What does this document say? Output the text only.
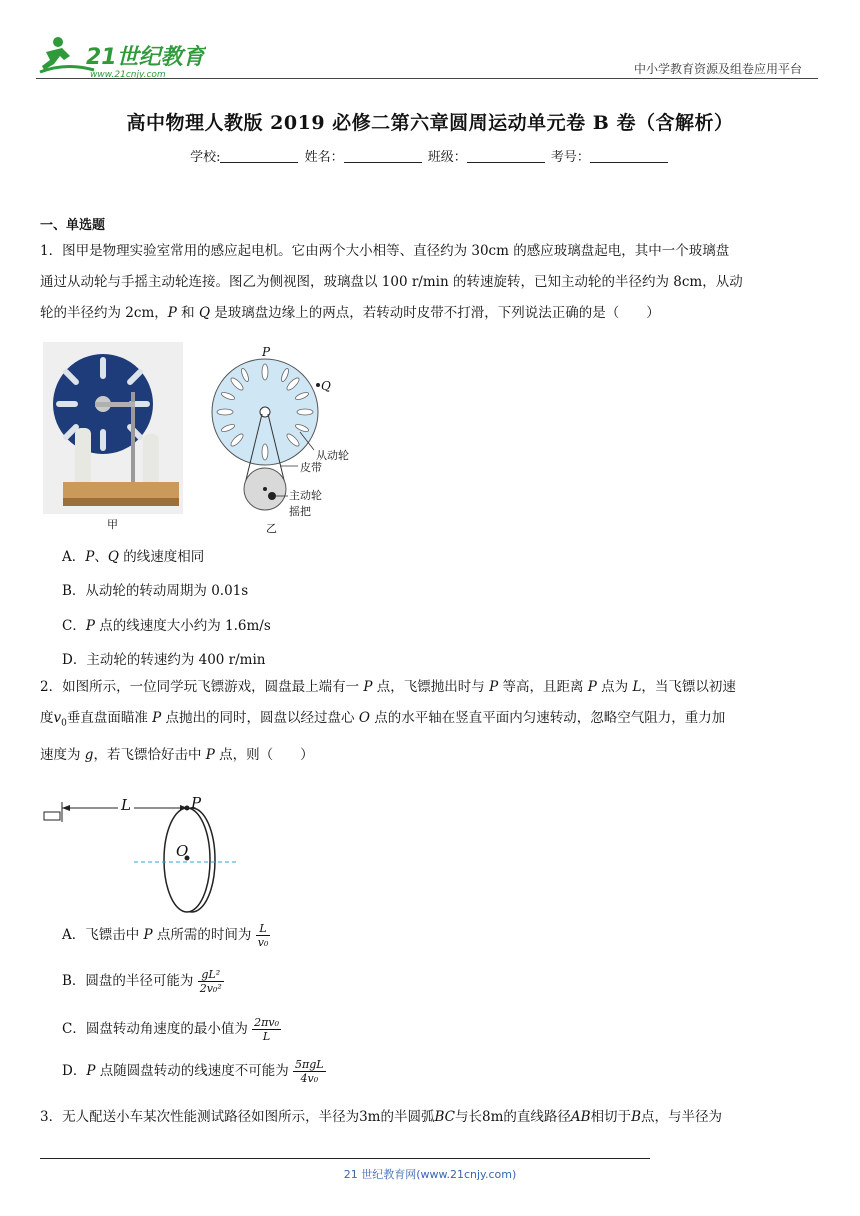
21世纪教育
www.21cnjy.com	中小学教育资源及组卷应用平台
高中物理人教版 2019 必修二第六章圆周运动单元卷 B 卷（含解析）
学校:	姓名：	班级：	考号：
一、单选题
1．图甲是物理实验室常用的感应起电机。它由两个大小相等、直径约为 30cm 的感应玻璃盘起电，其中一个玻璃盘
通过从动轮与手摇主动轮连接。图乙为侧视图，玻璃盘以 100 r/min 的转速旋转，已知主动轮的半径约为 8cm，从动
轮的半径约为 2cm，P 和 Q 是玻璃盘边缘上的两点，若转动时皮带不打滑，下列说法正确的是（　　）
甲
P
Q
从动轮
皮带
主动轮
摇把
乙
A．P、Q 的线速度相同
B．从动轮的转动周期为 0.01s
C．P 点的线速度大小约为 1.6m/s
D．主动轮的转速约为 400 r/min
2．如图所示，一位同学玩飞镖游戏，圆盘最上端有一 P 点，飞镖抛出时与 P 等高，且距离 P 点为 L，当飞镖以初速
度$v_0$垂直盘面瞄准 P 点抛出的同时，圆盘以经过盘心 O 点的水平轴在竖直平面内匀速转动，忽略空气阻力，重力加
速度为 g，若飞镖恰好击中 P 点，则（　　）
L	P
O
A．飞镖击中 P 点所需的时间为 $\frac{L}{\text{v₀}}$
B．圆盘的半径可能为 $\frac{\text{gL²}}{\text{2v₀²}}$
C．圆盘转动角速度的最小值为 $\frac{\text{2πv₀}}{L}$
D．P 点随圆盘转动的线速度不可能为 $\frac{\text{5πgL}}{\text{4v₀}}$
3．无人配送小车某次性能测试路径如图所示，半径为3m的半圆弧BC与长8m的直线路径AB相切于B点，与半径为
21 世纪教育网(www.21cnjy.com)
